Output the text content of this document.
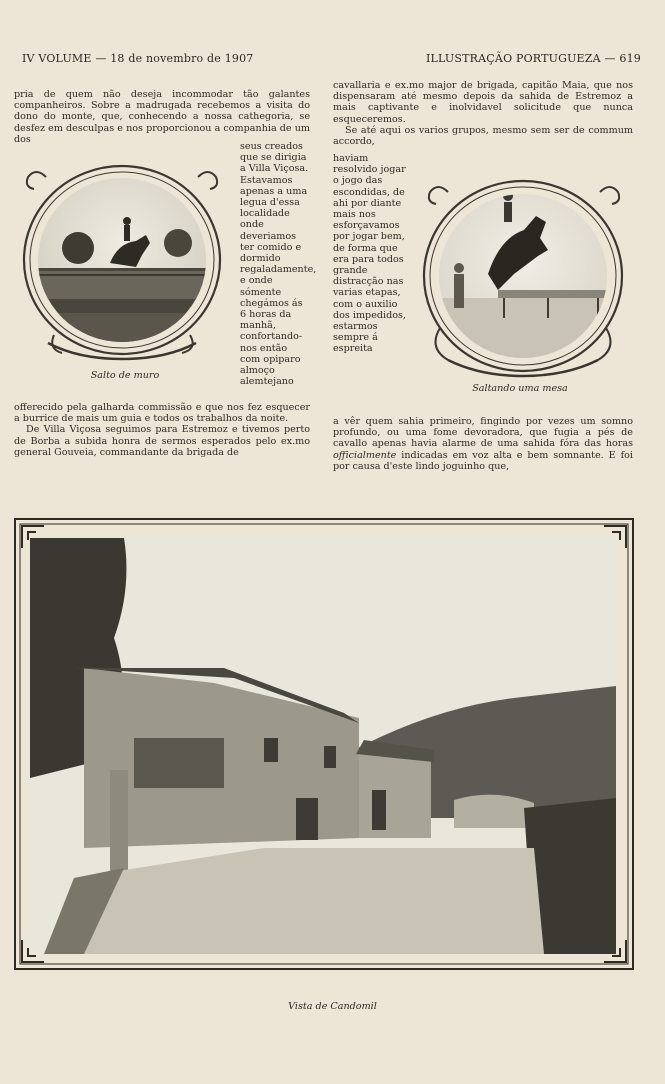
IV VOLUME — 18 de novembro de 1907	ILLUSTRAÇÃO PORTUGUEZA — 619

pria de quem não deseja incommodar tão galantes companheiros. Sobre a madrugada recebemos a visita do dono do monte, que, conhecendo a nossa cathegoria, se desfez em desculpas e nos proporcionou a companhia de um dos

seus creados que se dirigia a Villa Viçosa. Estavamos apenas a uma legua d'essa localidade onde deveriamos ter comido e dormido regaladamente, e onde sómente chegámos ás 6 horas da manhã, confortando-nos então com opiparo almoço alemtejano

offerecido pela galharda commissão e que nos fez esquecer a burrice de mais um guia e todos os trabalhos da noite.

De Villa Viçosa seguimos para Estremoz e tivemos perto de Borba a subida honra de sermos esperados pelo ex.mo general Gouveia, commandante da brigada de

Salto de muro

cavallaria e ex.mo major de brigada, capitão Maia, que nos dispensaram até mesmo depois da sahida de Estremoz a mais captivante e inolvidavel solicitude que nunca esqueceremos.

Se até aqui os varios grupos, mesmo sem ser de commum accordo,

haviam resolvido jogar o jogo das escondidas, de ahi por diante mais nos esforçavamos por jogar bem, de forma que era para todos grande distracção nas varias etapas, com o auxilio dos impedidos, estarmos sempre á espreita

a vêr quem sahia primeiro, fingindo por vezes um somno profundo, ou uma fome devoradora, que fugia a pés de cavallo apenas havia alarme de uma sahida fóra das horas officialmente indicadas em voz alta e bem somnante. E foi por causa d'este lindo joguinho que,

Saltando uma mesa
Vista de Candomil
